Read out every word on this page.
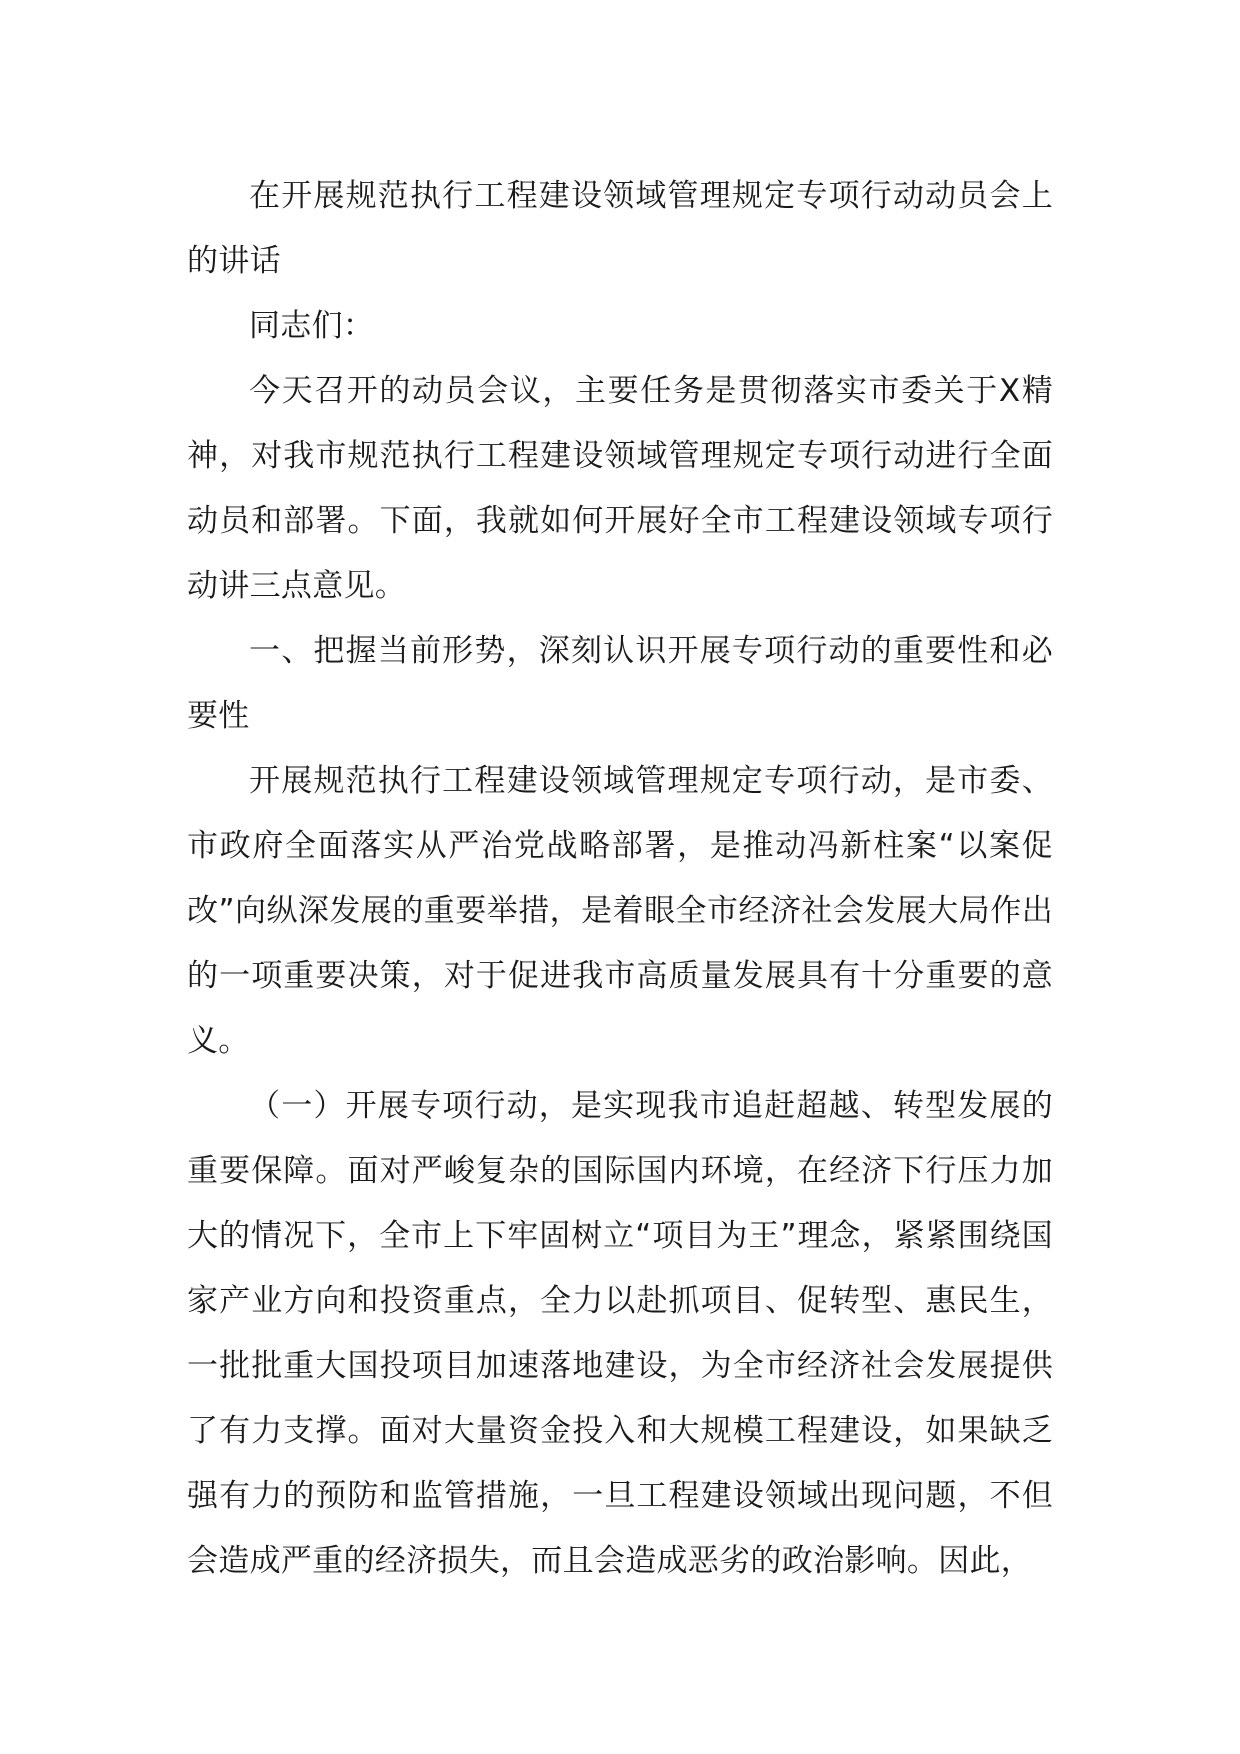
在开展规范执行工程建设领域管理规定专项行动动员会上的讲话

同志们：

今天召开的动员会议，主要任务是贯彻落实市委关于X精神，对我市规范执行工程建设领域管理规定专项行动进行全面动员和部署。下面，我就如何开展好全市工程建设领域专项行动讲三点意见。

一、把握当前形势，深刻认识开展专项行动的重要性和必要性

开展规范执行工程建设领域管理规定专项行动，是市委、市政府全面落实从严治党战略部署，是推动冯新柱案“以案促改”向纵深发展的重要举措，是着眼全市经济社会发展大局作出的一项重要决策，对于促进我市高质量发展具有十分重要的意义。

（一）开展专项行动，是实现我市追赶超越、转型发展的重要保障。面对严峻复杂的国际国内环境，在经济下行压力加大的情况下，全市上下牢固树立“项目为王”理念，紧紧围绕国家产业方向和投资重点，全力以赴抓项目、促转型、惠民生，一批批重大国投项目加速落地建设，为全市经济社会发展提供了有力支撑。面对大量资金投入和大规模工程建设，如果缺乏强有力的预防和监管措施，一旦工程建设领域出现问题，不但会造成严重的经济损失，而且会造成恶劣的政治影响。因此，
